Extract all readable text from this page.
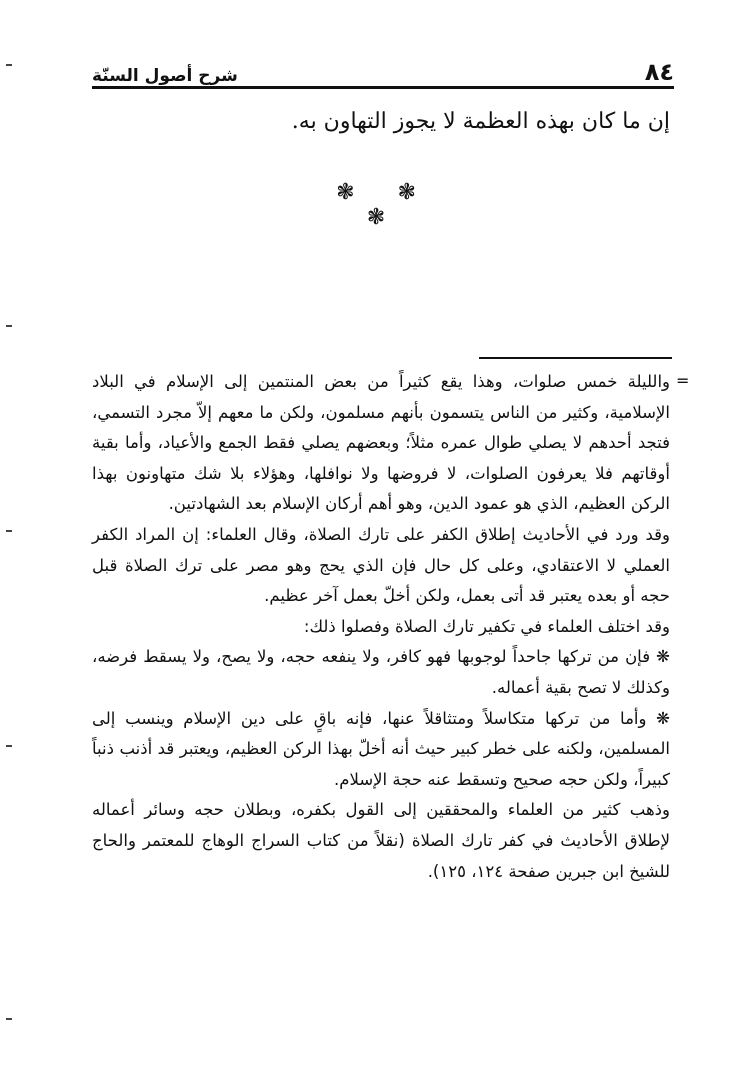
شرح أصول السنّة	٨٤
إن ما كان بهذه العظمة لا يجوز التهاون به.
❃ ❃ ❃
=

والليلة خمس صلوات، وهذا يقع كثيراً من بعض المنتمين إلى الإسلام في البلاد الإسلامية، وكثير من الناس يتسمون بأنهم مسلمون، ولكن ما معهم إلاّ مجرد التسمي، فتجد أحدهم لا يصلي طوال عمره مثلاً؛ وبعضهم يصلي فقط الجمع والأعياد، وأما بقية أوقاتهم فلا يعرفون الصلوات، لا فروضها ولا نوافلها، وهؤلاء بلا شك متهاونون بهذا الركن العظيم، الذي هو عمود الدين، وهو أهم أركان الإسلام بعد الشهادتين.

وقد ورد في الأحاديث إطلاق الكفر على تارك الصلاة، وقال العلماء: إن المراد الكفر العملي لا الاعتقادي، وعلى كل حال فإن الذي يحج وهو مصر على ترك الصلاة قبل حجه أو بعده يعتبر قد أتى بعمل، ولكن أخلّ بعمل آخر عظيم.

وقد اختلف العلماء في تكفير تارك الصلاة وفصلوا ذلك:

❋ فإن من تركها جاحداً لوجوبها فهو كافر، ولا ينفعه حجه، ولا يصح، ولا يسقط فرضه، وكذلك لا تصح بقية أعماله.

❋ وأما من تركها متكاسلاً ومتثاقلاً عنها، فإنه باقٍ على دين الإسلام وينسب إلى المسلمين، ولكنه على خطر كبير حيث أنه أخلّ بهذا الركن العظيم، ويعتبر قد أذنب ذنباً كبيراً، ولكن حجه صحيح وتسقط عنه حجة الإسلام.

وذهب كثير من العلماء والمحققين إلى القول بكفره، وبطلان حجه وسائر أعماله لإطلاق الأحاديث في كفر تارك الصلاة (نقلاً من كتاب السراج الوهاج للمعتمر والحاج للشيخ ابن جبرين صفحة ١٢٤، ١٢٥).
